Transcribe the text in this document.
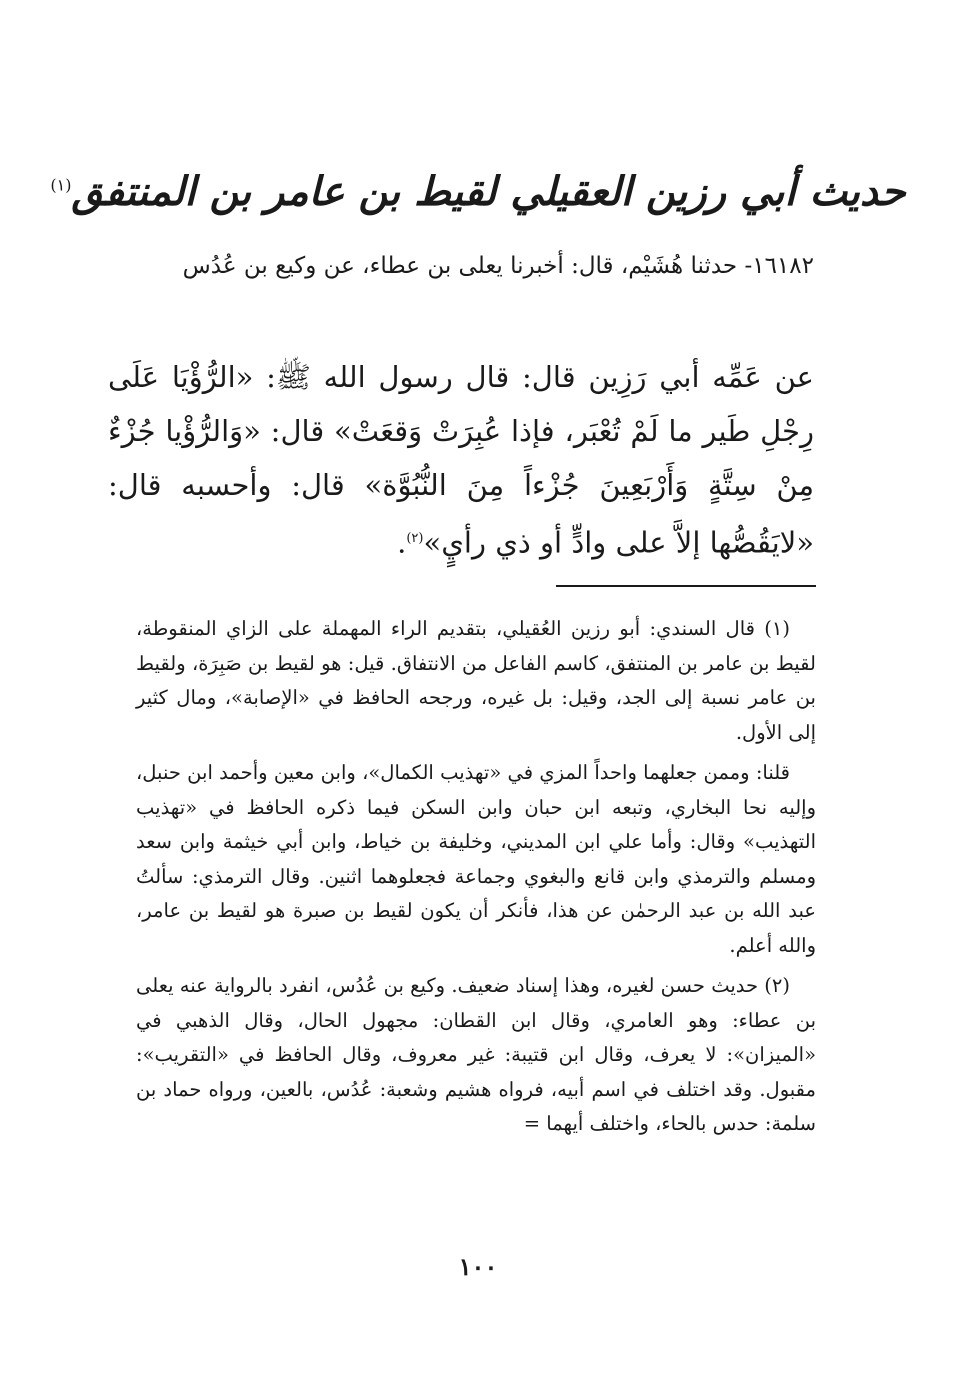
حديث أبي رزين العقيلي لقيط بن عامر بن المنتفق$^{(١)}$
١٦١٨٢- حدثنا هُشَيْم، قال: أخبرنا يعلى بن عطاء، عن وكيع بن عُدُس
عن عَمِّه أبي رَزِين قال: قال رسول الله ﷺ: «الرُّؤْيَا عَلَى رِجْلِ طَير ما لَمْ تُعْبَر، فإذا عُبِرَتْ وَقعَتْ» قال: «وَالرُّؤْيا جُزْءٌ مِنْ سِتَّةٍ وَأَرْبَعِينَ جُزْءاً مِنَ النُّبُوَّة» قال: وأحسبه قال: «لايَقُصُّها إلاَّ على وادٍّ أو ذي رأيٍ»$^{(٢)}$.

(١) قال السندي: أبو رزين العُقيلي، بتقديم الراء المهملة على الزاي المنقوطة، لقيط بن عامر بن المنتفق، كاسم الفاعل من الانتفاق. قيل: هو لقيط بن صَبِرَة، ولقيط بن عامر نسبة إلى الجد، وقيل: بل غيره، ورجحه الحافظ في «الإصابة»، ومال كثير إلى الأول.

قلنا: وممن جعلهما واحداً المزي في «تهذيب الكمال»، وابن معين وأحمد ابن حنبل، وإليه نحا البخاري، وتبعه ابن حبان وابن السكن فيما ذكره الحافظ في «تهذيب التهذيب» وقال: وأما علي ابن المديني، وخليفة بن خياط، وابن أبي خيثمة وابن سعد ومسلم والترمذي وابن قانع والبغوي وجماعة فجعلوهما اثنين. وقال الترمذي: سألتُ عبد الله بن عبد الرحمٰن عن هذا، فأنكر أن يكون لقيط بن صبرة هو لقيط بن عامر، والله أعلم.

(٢) حديث حسن لغيره، وهذا إسناد ضعيف. وكيع بن عُدُس، انفرد بالرواية عنه يعلى بن عطاء: وهو العامري، وقال ابن القطان: مجهول الحال، وقال الذهبي في «الميزان»: لا يعرف، وقال ابن قتيبة: غير معروف، وقال الحافظ في «التقريب»: مقبول. وقد اختلف في اسم أبيه، فرواه هشيم وشعبة: عُدُس، بالعين، ورواه حماد بن سلمة: حدس بالحاء، واختلف أيهما =

١٠٠
